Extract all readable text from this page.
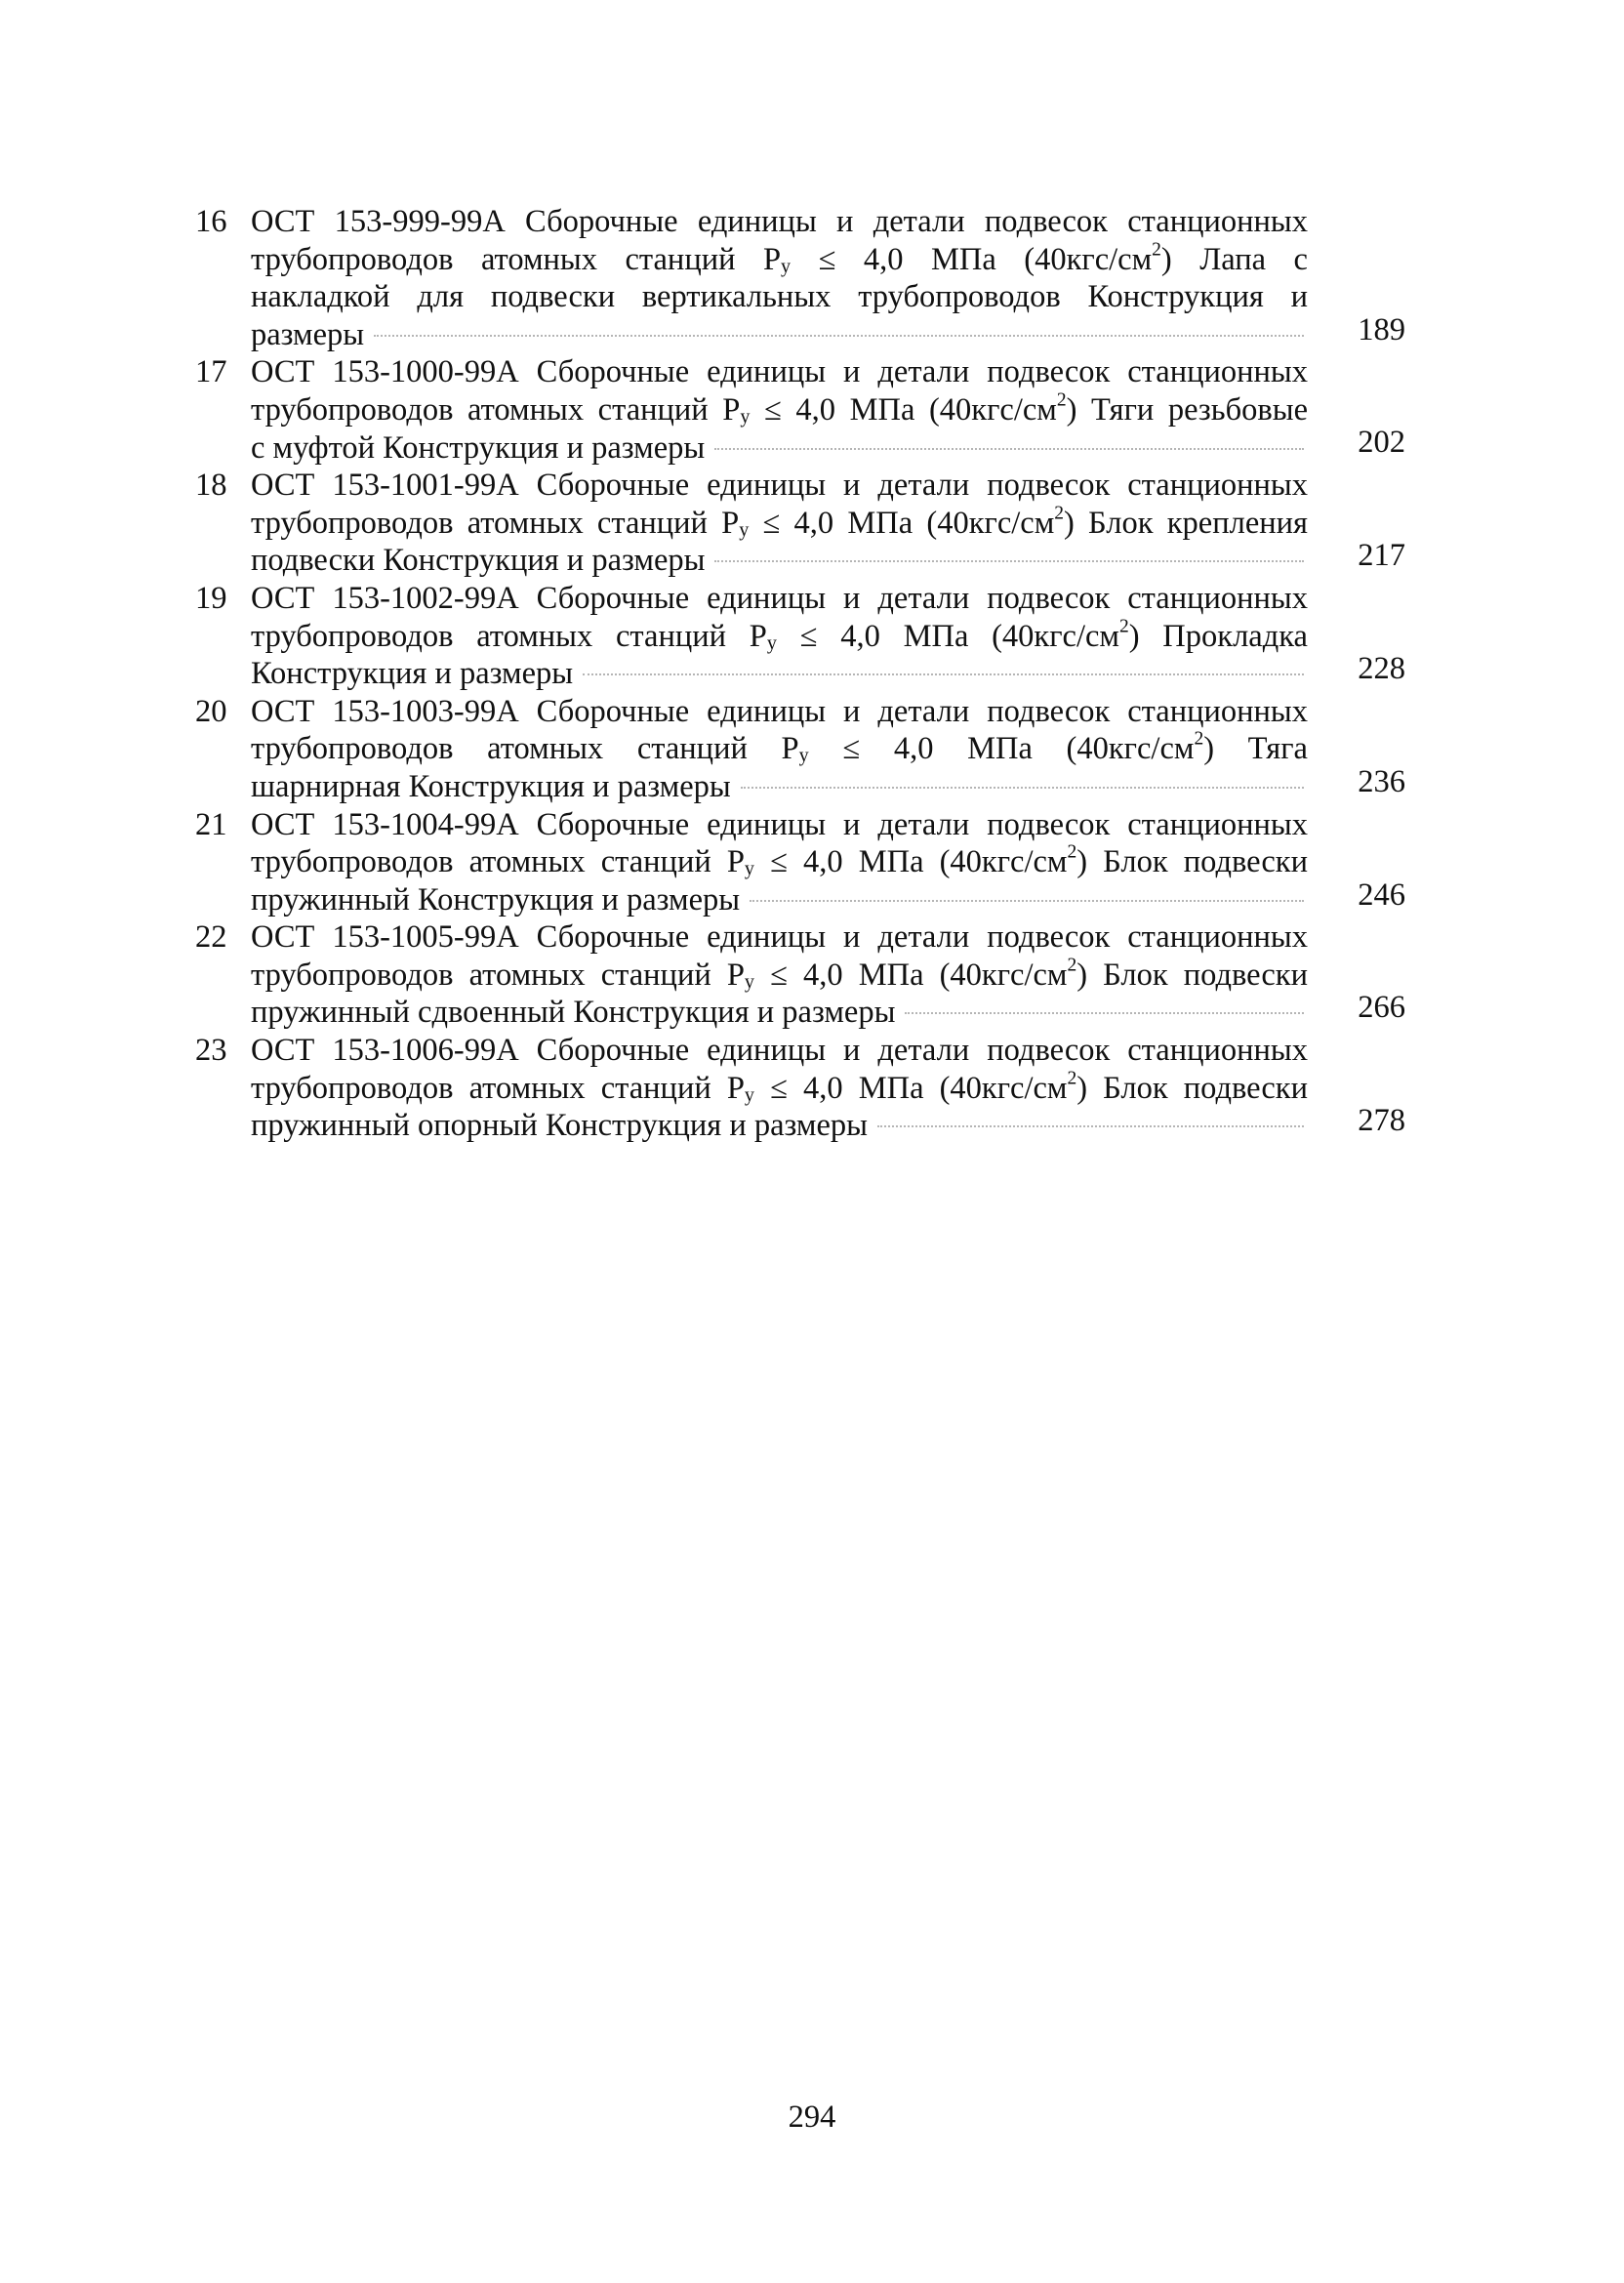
16 ОСТ 153-999-99А Сборочные единицы и детали подвесок станционных
трубопроводов атомных станций $Р_у \le 4,0$ МПа $(40кгс/см^2)$ Лапа с
накладкой для подвески вертикальных трубопроводов Конструкция и
размеры	189
17 ОСТ 153-1000-99А Сборочные единицы и детали подвесок станционных
трубопроводов атомных станций $Р_у \le 4,0$ МПа $(40кгс/см^2)$ Тяги резьбовые
с муфтой Конструкция и размеры	202
18 ОСТ 153-1001-99А Сборочные единицы и детали подвесок станционных
трубопроводов атомных станций $Р_у \le 4,0$ МПа $(40кгс/см^2)$ Блок крепления
подвески Конструкция и размеры	217
19 ОСТ 153-1002-99А Сборочные единицы и детали подвесок станционных
трубопроводов атомных станций $Р_у \le 4,0$ МПа $(40кгс/см^2)$ Прокладка
Конструкция и размеры	228
20 ОСТ 153-1003-99А Сборочные единицы и детали подвесок станционных
трубопроводов атомных станций $Р_у \le 4,0$ МПа $(40кгс/см^2)$ Тяга
шарнирная Конструкция и размеры	236
21 ОСТ 153-1004-99А Сборочные единицы и детали подвесок станционных
трубопроводов атомных станций $Р_у \le 4,0$ МПа $(40кгс/см^2)$ Блок подвески
пружинный Конструкция и размеры	246
22 ОСТ 153-1005-99А Сборочные единицы и детали подвесок станционных
трубопроводов атомных станций $Р_у \le 4,0$ МПа $(40кгс/см^2)$ Блок подвески
пружинный сдвоенный Конструкция и размеры	266
23 ОСТ 153-1006-99А Сборочные единицы и детали подвесок станционных
трубопроводов атомных станций $Р_у \le 4,0$ МПа $(40кгс/см^2)$ Блок подвески
пружинный опорный Конструкция и размеры	278
294
